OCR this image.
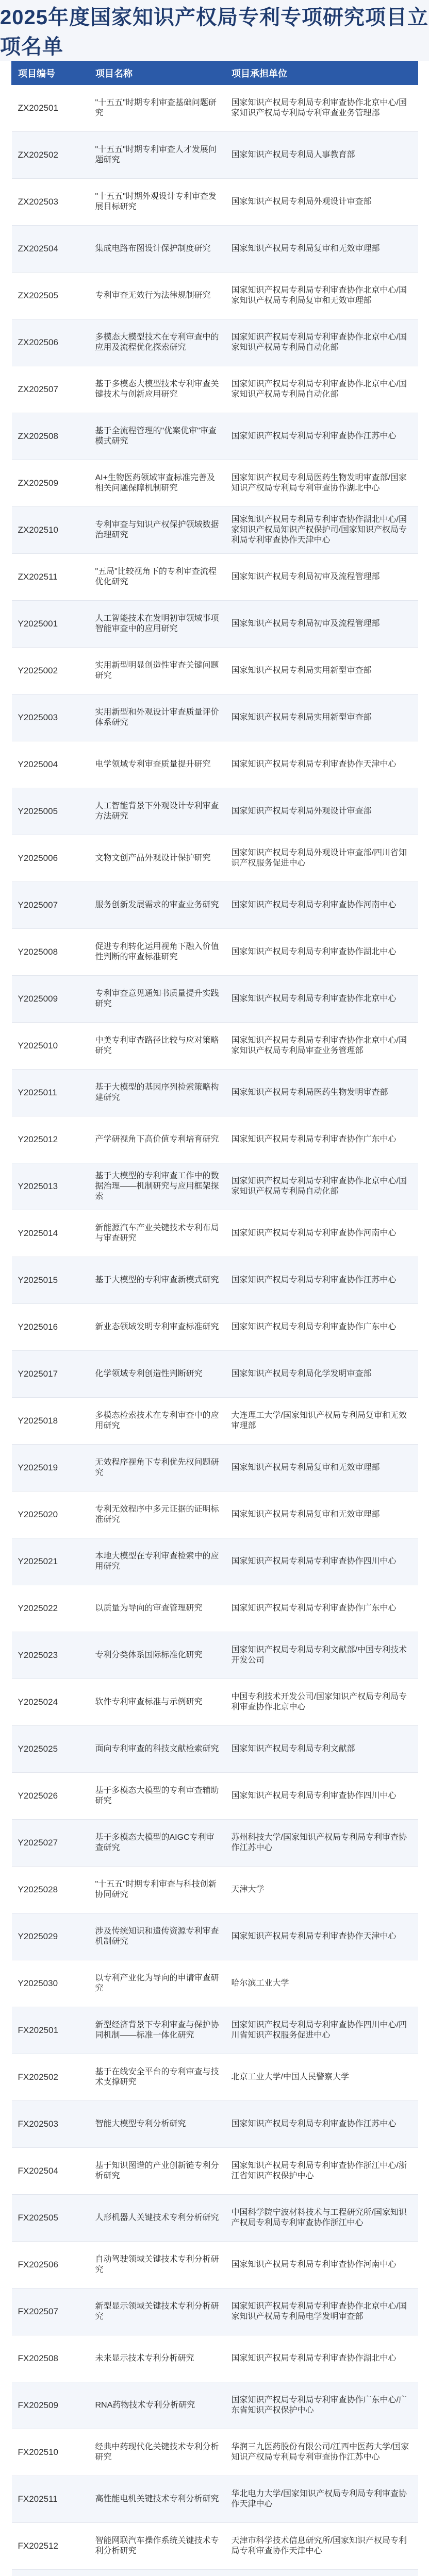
2025年度国家知识产权局专利专项研究项目立项名单
项目编号	项目名称	项目承担单位
ZX202501	"十五五"时期专利审查基础问题研究	国家知识产权局专利局专利审查协作北京中心/国家知识产权局专利局专利审查业务管理部
ZX202502	"十五五"时期专利审查人才发展问题研究	国家知识产权局专利局人事教育部
ZX202503	"十五五"时期外观设计专利审查发展目标研究	国家知识产权局专利局外观设计审查部
ZX202504	集成电路布图设计保护制度研究	国家知识产权局专利局复审和无效审理部
ZX202505	专利审查无效行为法律规制研究	国家知识产权局专利局专利审查协作北京中心/国家知识产权局专利局复审和无效审理部
ZX202506	多模态大模型技术在专利审查中的应用及流程优化探索研究	国家知识产权局专利局专利审查协作北京中心/国家知识产权局专利局自动化部
ZX202507	基于多模态大模型技术专利审查关键技术与创新应用研究	国家知识产权局专利局专利审查协作北京中心/国家知识产权局专利局自动化部
ZX202508	基于全流程管理的"优案优审"审查模式研究	国家知识产权局专利局专利审查协作江苏中心
ZX202509	AI+生物医药领域审查标准完善及相关问题保障机制研究	国家知识产权局专利局医药生物发明审查部/国家知识产权局专利局专利审查协作湖北中心
ZX202510	专利审查与知识产权保护领域数据治理研究	国家知识产权局专利局专利审查协作湖北中心/国家知识产权局知识产权保护司/国家知识产权局专利局专利审查协作天津中心
ZX202511	"五局"比较视角下的专利审查流程优化研究	国家知识产权局专利局初审及流程管理部
Y2025001	人工智能技术在发明初审领域事项智能审查中的应用研究	国家知识产权局专利局初审及流程管理部
Y2025002	实用新型明显创造性审查关键问题研究	国家知识产权局专利局实用新型审查部
Y2025003	实用新型和外观设计审查质量评价体系研究	国家知识产权局专利局实用新型审查部
Y2025004	电学领域专利审查质量提升研究	国家知识产权局专利局专利审查协作天津中心
Y2025005	人工智能背景下外观设计专利审查方法研究	国家知识产权局专利局外观设计审查部
Y2025006	文物文创产品外观设计保护研究	国家知识产权局专利局外观设计审查部/四川省知识产权服务促进中心
Y2025007	服务创新发展需求的审查业务研究	国家知识产权局专利局专利审查协作河南中心
Y2025008	促进专利转化运用视角下融入价值性判断的审查标准研究	国家知识产权局专利局专利审查协作湖北中心
Y2025009	专利审查意见通知书质量提升实践研究	国家知识产权局专利局专利审查协作北京中心
Y2025010	中美专利审查路径比较与应对策略研究	国家知识产权局专利局专利审查协作北京中心/国家知识产权局专利局审查业务管理部
Y2025011	基于大模型的基因序列检索策略构建研究	国家知识产权局专利局医药生物发明审查部
Y2025012	产学研视角下高价值专利培育研究	国家知识产权局专利局专利审查协作广东中心
Y2025013	基于大模型的专利审查工作中的数据治理——机制研究与应用框架探索	国家知识产权局专利局专利审查协作北京中心/国家知识产权局专利局自动化部
Y2025014	新能源汽车产业关键技术专利布局与审查研究	国家知识产权局专利局专利审查协作河南中心
Y2025015	基于大模型的专利审查新模式研究	国家知识产权局专利局专利审查协作江苏中心
Y2025016	新业态领域发明专利审查标准研究	国家知识产权局专利局专利审查协作广东中心
Y2025017	化学领域专利创造性判断研究	国家知识产权局专利局化学发明审查部
Y2025018	多模态检索技术在专利审查中的应用研究	大连理工大学/国家知识产权局专利局复审和无效审理部
Y2025019	无效程序视角下专利优先权问题研究	国家知识产权局专利局复审和无效审理部
Y2025020	专利无效程序中多元证据的证明标准研究	国家知识产权局专利局复审和无效审理部
Y2025021	本地大模型在专利审查检索中的应用研究	国家知识产权局专利局专利审查协作四川中心
Y2025022	以质量为导向的审查管理研究	国家知识产权局专利局专利审查协作广东中心
Y2025023	专利分类体系国际标准化研究	国家知识产权局专利局专利文献部/中国专利技术开发公司
Y2025024	软件专利审查标准与示例研究	中国专利技术开发公司/国家知识产权局专利局专利审查协作北京中心
Y2025025	面向专利审查的科技文献检索研究	国家知识产权局专利局专利文献部
Y2025026	基于多模态大模型的专利审查辅助研究	国家知识产权局专利局专利审查协作四川中心
Y2025027	基于多模态大模型的AIGC专利审查研究	苏州科技大学/国家知识产权局专利局专利审查协作江苏中心
Y2025028	"十五五"时期专利审查与科技创新协同研究	天津大学
Y2025029	涉及传统知识和遗传资源专利审查机制研究	国家知识产权局专利局专利审查协作天津中心
Y2025030	以专利产业化为导向的申请审查研究	哈尔滨工业大学
FX202501	新型经济背景下专利审查与保护协同机制——标准一体化研究	国家知识产权局专利局专利审查协作四川中心/四川省知识产权服务促进中心
FX202502	基于在线安全平台的专利审查与技术支撑研究	北京工业大学/中国人民警察大学
FX202503	智能大模型专利分析研究	国家知识产权局专利局专利审查协作江苏中心
FX202504	基于知识图谱的产业创新链专利分析研究	国家知识产权局专利局专利审查协作浙江中心/浙江省知识产权保护中心
FX202505	人形机器人关键技术专利分析研究	中国科学院宁波材料技术与工程研究所/国家知识产权局专利局专利审查协作浙江中心
FX202506	自动驾驶领域关键技术专利分析研究	国家知识产权局专利局专利审查协作河南中心
FX202507	新型显示领域关键技术专利分析研究	国家知识产权局专利局专利审查协作北京中心/国家知识产权局专利局电学发明审查部
FX202508	未来显示技术专利分析研究	国家知识产权局专利局专利审查协作湖北中心
FX202509	RNA药物技术专利分析研究	国家知识产权局专利局专利审查协作广东中心/广东省知识产权保护中心
FX202510	经典中药现代化关键技术专利分析研究	华润三九医药股份有限公司/江西中医药大学/国家知识产权局专利局专利审查协作江苏中心
FX202511	高性能电机关键技术专利分析研究	华北电力大学/国家知识产权局专利局专利审查协作天津中心
FX202512	智能网联汽车操作系统关键技术专利分析研究	天津市科学技术信息研究所/国家知识产权局专利局专利审查协作天津中心
